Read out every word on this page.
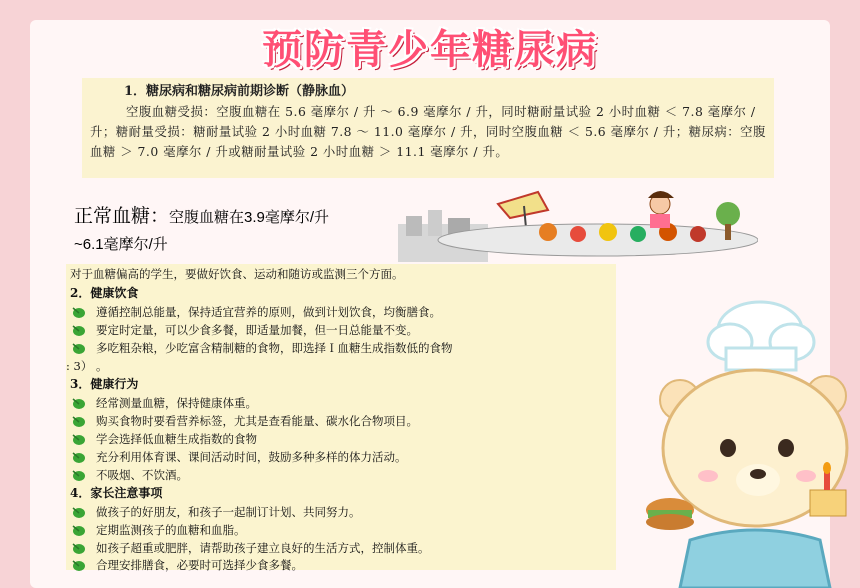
预防青少年糖尿病
1．糖尿病和糖尿病前期诊断（静脉血）

空腹血糖受损：空腹血糖在 5.6 毫摩尔 / 升 ～ 6.9 毫摩尔 / 升，同时糖耐量试验 2 小时血糖 ＜ 7.8 毫摩尔 / 升；糖耐量受损：糖耐量试验 2 小时血糖 7.8 ～ 11.0 毫摩尔 / 升，同时空腹血糖 ＜ 5.6 毫摩尔 / 升；糖尿病：空腹血糖 ＞ 7.0 毫摩尔 / 升或糖耐量试验 2 小时血糖 ＞ 11.1 毫摩尔 / 升。

正常血糖：空腹血糖在3.9毫摩尔/升
~6.1毫摩尔/升
对于血糖偏高的学生，要做好饮食、运动和随访或监测三个方面。
2．健康饮食
遵循控制总能量，保持适宜营养的原则，做到计划饮食，均衡膳食。
要定时定量，可以少食多餐，即适量加餐，但一日总能量不变。
多吃粗杂粮，少吃富含精制糖的食物，即选择Ｉ血糖生成指数低的食物
: 3） 。
3．健康行为
经常测量血糖，保持健康体重。
购买食物时要看营养标签，尤其是查看能量、碳水化合物项目。
学会选择低血糖生成指数的食物
充分利用体育课、课间活动时间，鼓励多种多样的体力活动。
不吸烟、不饮酒。
4．家长注意事项
做孩子的好朋友，和孩子一起制订计划、共同努力。
定期监测孩子的血糖和血脂。
如孩子超重或肥胖，请帮助孩子建立良好的生活方式，控制体重。
合理安排膳食，必要时可选择少食多餐。
